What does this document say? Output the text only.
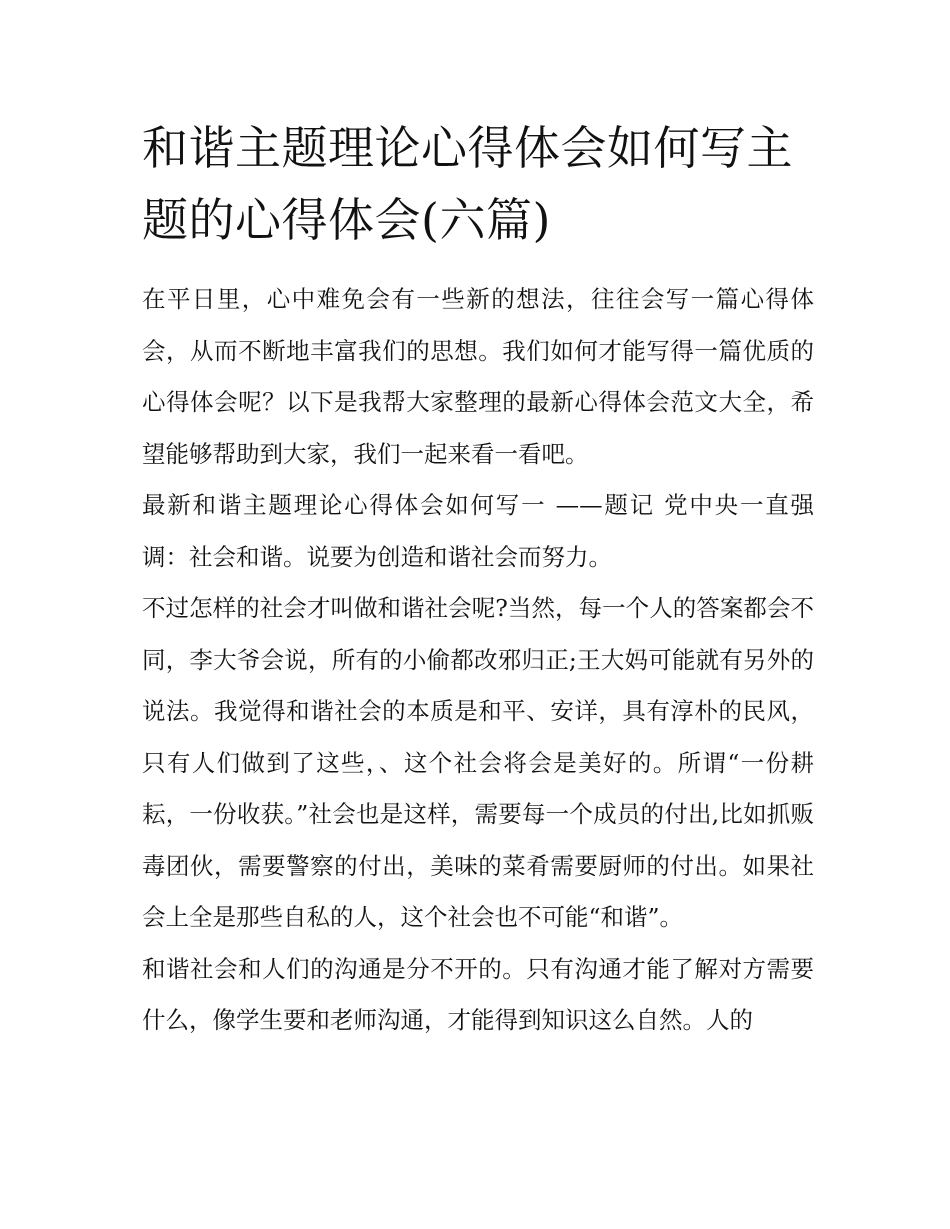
和谐主题理论心得体会如何写主题的心得体会(六篇)

在平日里，心中难免会有一些新的想法，往往会写一篇心得体会，从而不断地丰富我们的思想。我们如何才能写得一篇优质的心得体会呢？以下是我帮大家整理的最新心得体会范文大全，希望能够帮助到大家，我们一起来看一看吧。

最新和谐主题理论心得体会如何写一 ——题记 党中央一直强调：社会和谐。说要为创造和谐社会而努力。

不过怎样的社会才叫做和谐社会呢?当然，每一个人的答案都会不同，李大爷会说，所有的小偷都改邪归正;王大妈可能就有另外的说法。我觉得和谐社会的本质是和平、安详，具有淳朴的民风，只有人们做到了这些，、这个社会将会是美好的。所谓“一份耕耘，一份收获。”社会也是这样，需要每一个成员的付出,比如抓贩毒团伙，需要警察的付出，美味的菜肴需要厨师的付出。如果社会上全是那些自私的人，这个社会也不可能“和谐”。

和谐社会和人们的沟通是分不开的。只有沟通才能了解对方需要什么，像学生要和老师沟通，才能得到知识这么自然。人的
